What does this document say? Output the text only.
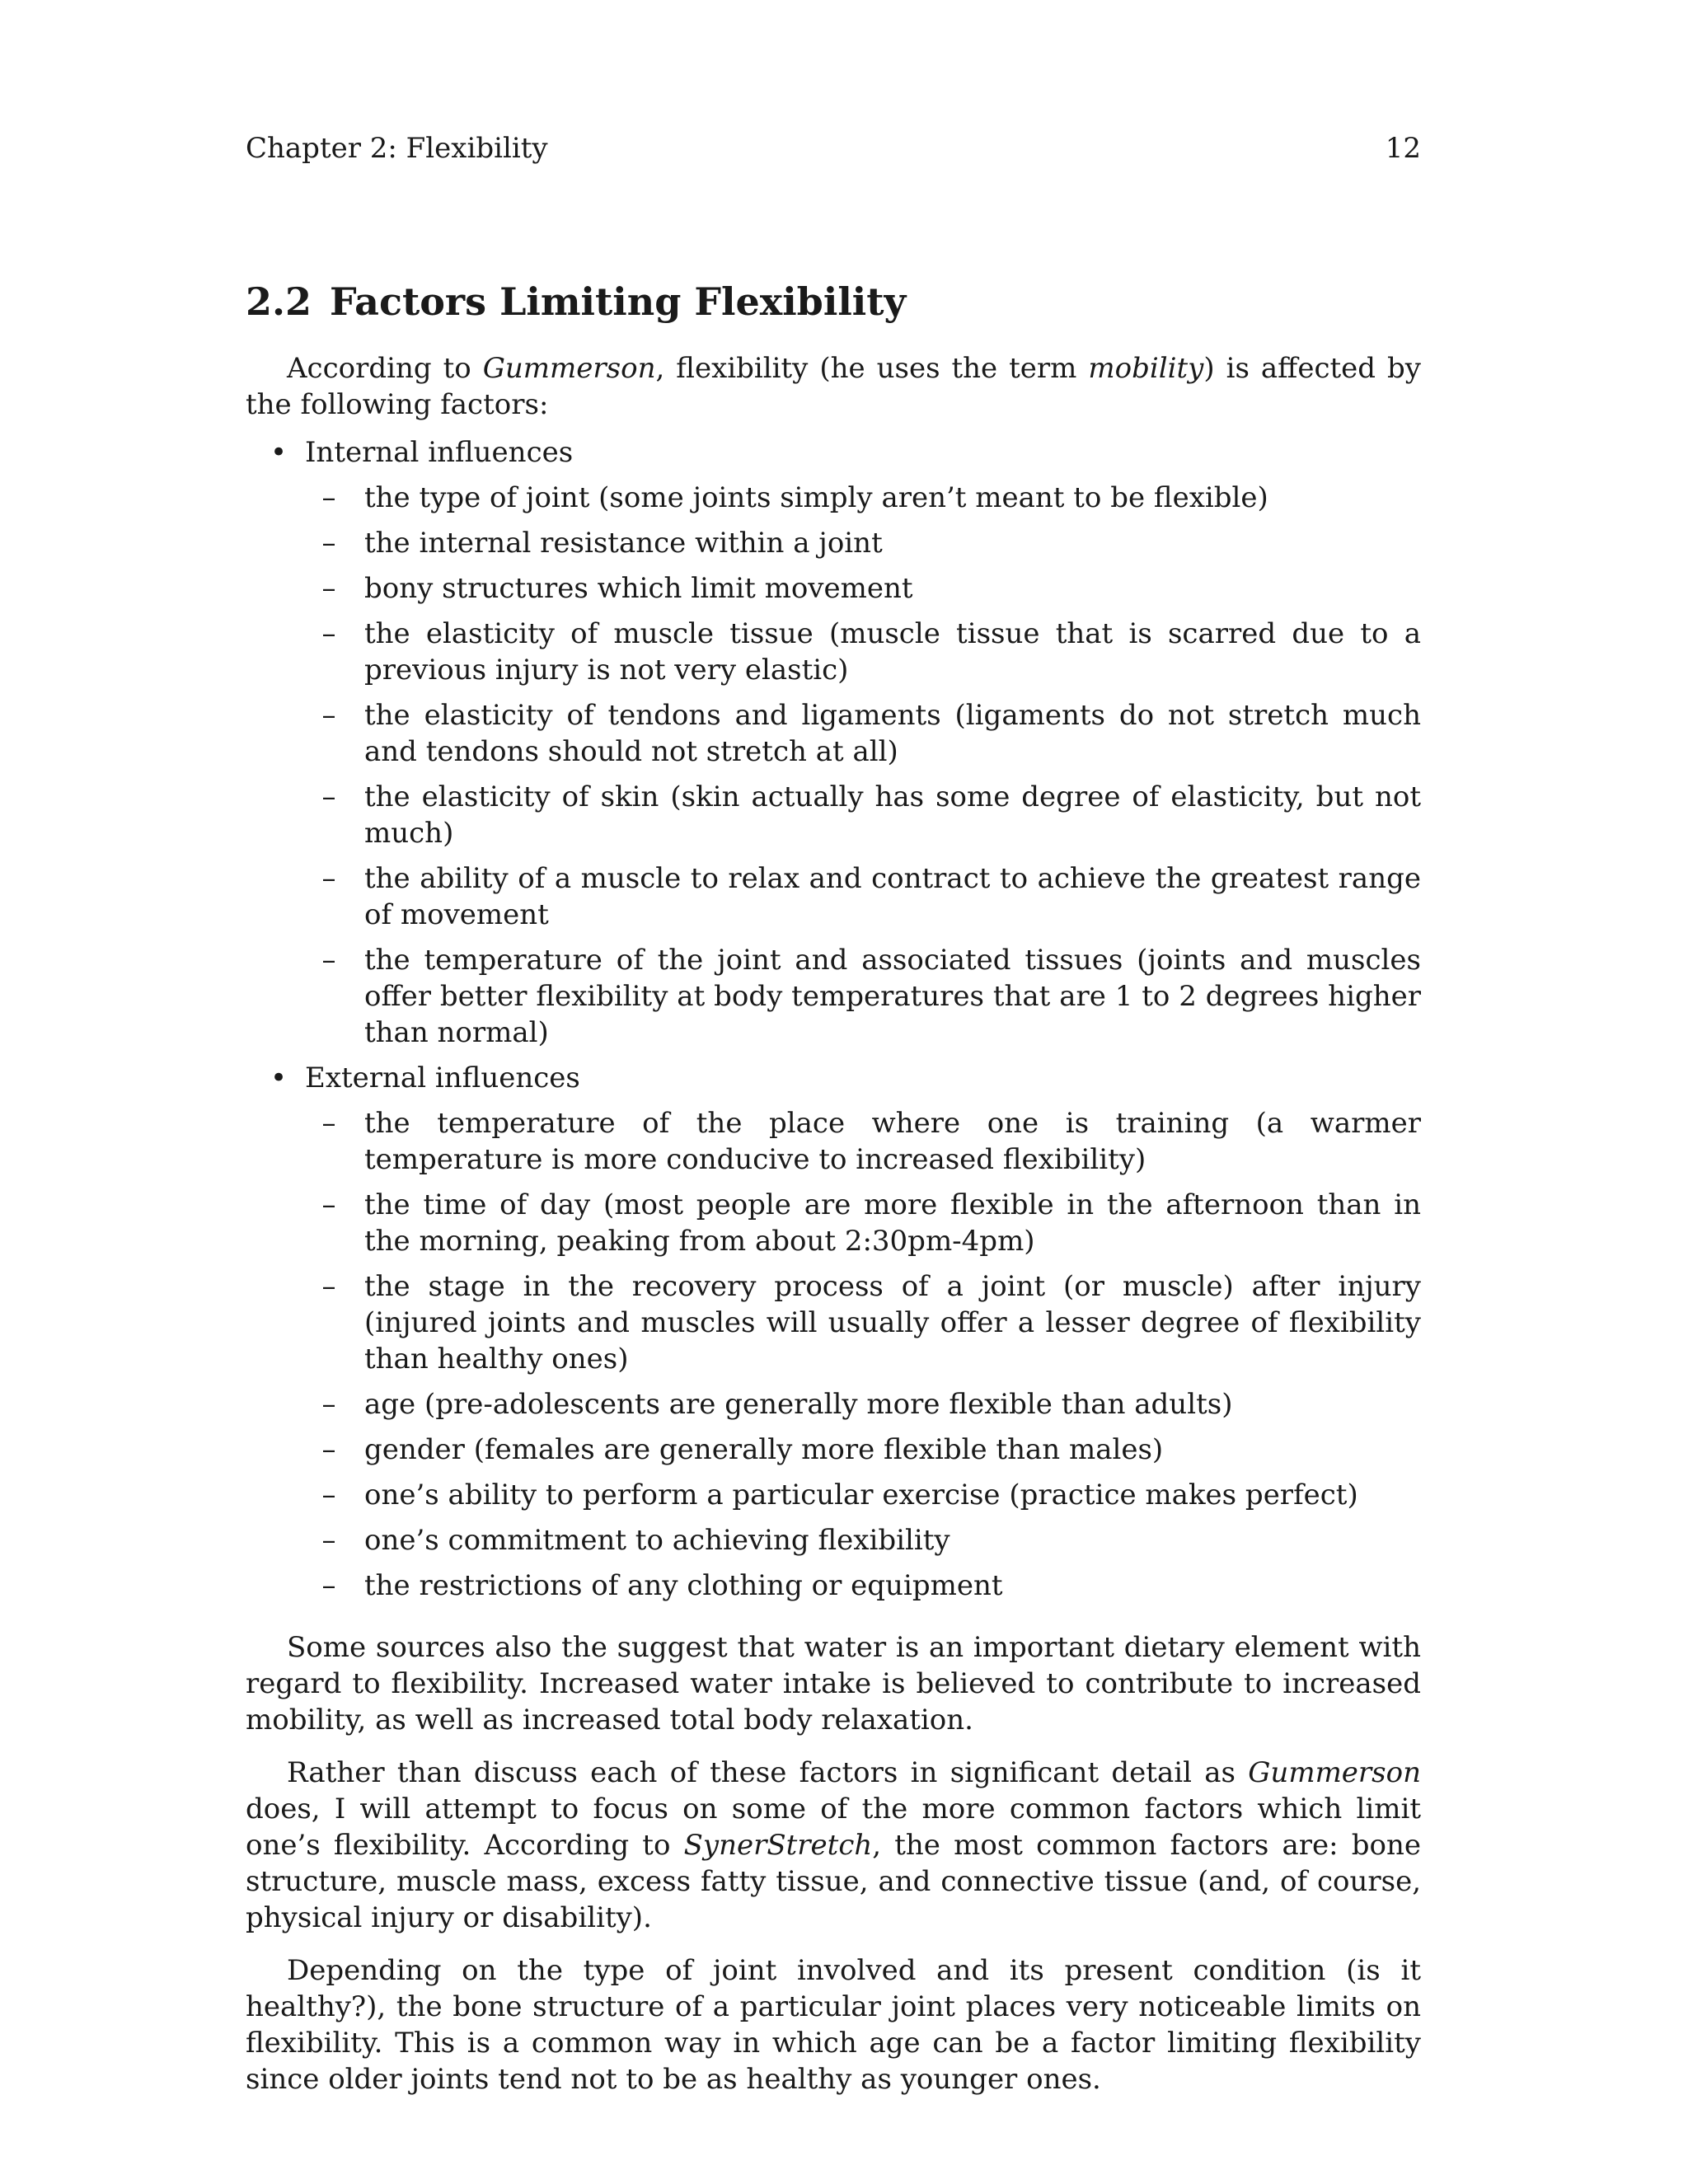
Chapter 2: Flexibility	12
2.2 Factors Limiting Flexibility

According to Gummerson, flexibility (he uses the term mobility) is affected by the following factors:

• Internal influences
– the type of joint (some joints simply aren’t meant to be flexible)
– the internal resistance within a joint
– bony structures which limit movement
– the elasticity of muscle tissue (muscle tissue that is scarred due to a previous injury is not very elastic)
– the elasticity of tendons and ligaments (ligaments do not stretch much and tendons should not stretch at all)
– the elasticity of skin (skin actually has some degree of elasticity, but not much)
– the ability of a muscle to relax and contract to achieve the greatest range of movement
– the temperature of the joint and associated tissues (joints and muscles offer better flexibility at body temperatures that are 1 to 2 degrees higher than normal)
• External influences
– the temperature of the place where one is training (a warmer temperature is more conducive to increased flexibility)
– the time of day (most people are more flexible in the afternoon than in the morning, peaking from about 2:30pm-4pm)
– the stage in the recovery process of a joint (or muscle) after injury (injured joints and muscles will usually offer a lesser degree of flexibility than healthy ones)
– age (pre-adolescents are generally more flexible than adults)
– gender (females are generally more flexible than males)
– one’s ability to perform a particular exercise (practice makes perfect)
– one’s commitment to achieving flexibility
– the restrictions of any clothing or equipment

Some sources also the suggest that water is an important dietary element with regard to flexibility. Increased water intake is believed to contribute to increased mobility, as well as increased total body relaxation.

Rather than discuss each of these factors in significant detail as Gummerson does, I will attempt to focus on some of the more common factors which limit one’s flexibility. According to SynerStretch, the most common factors are: bone structure, muscle mass, excess fatty tissue, and connective tissue (and, of course, physical injury or disability).

Depending on the type of joint involved and its present condition (is it healthy?), the bone structure of a particular joint places very noticeable limits on flexibility. This is a common way in which age can be a factor limiting flexibility since older joints tend not to be as healthy as younger ones.
